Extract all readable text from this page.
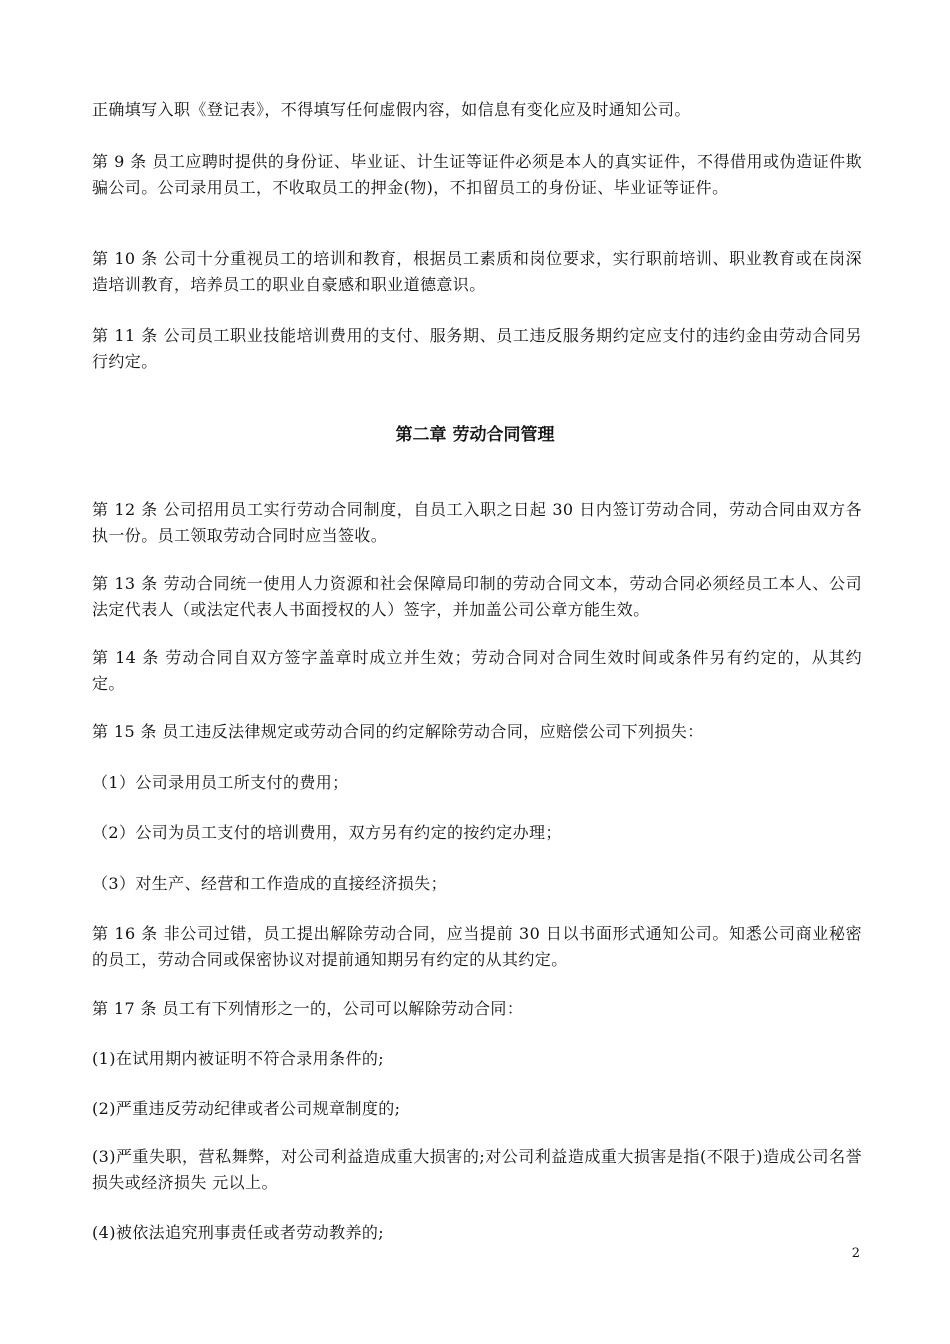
正确填写入职《登记表》，不得填写任何虚假内容，如信息有变化应及时通知公司。

第 9 条 员工应聘时提供的身份证、毕业证、计生证等证件必须是本人的真实证件，不得借用或伪造证件欺骗公司。公司录用员工，不收取员工的押金(物)，不扣留员工的身份证、毕业证等证件。

第 10 条 公司十分重视员工的培训和教育，根据员工素质和岗位要求，实行职前培训、职业教育或在岗深造培训教育，培养员工的职业自豪感和职业道德意识。

第 11 条 公司员工职业技能培训费用的支付、服务期、员工违反服务期约定应支付的违约金由劳动合同另行约定。

第二章 劳动合同管理

第 12 条 公司招用员工实行劳动合同制度，自员工入职之日起 30 日内签订劳动合同，劳动合同由双方各执一份。员工领取劳动合同时应当签收。

第 13 条 劳动合同统一使用人力资源和社会保障局印制的劳动合同文本，劳动合同必须经员工本人、公司法定代表人（或法定代表人书面授权的人）签字，并加盖公司公章方能生效。

第 14 条 劳动合同自双方签字盖章时成立并生效；劳动合同对合同生效时间或条件另有约定的，从其约定。

第 15 条 员工违反法律规定或劳动合同的约定解除劳动合同，应赔偿公司下列损失：

（1）公司录用员工所支付的费用；

（2）公司为员工支付的培训费用，双方另有约定的按约定办理；

（3）对生产、经营和工作造成的直接经济损失；

第 16 条 非公司过错，员工提出解除劳动合同，应当提前 30 日以书面形式通知公司。知悉公司商业秘密的员工，劳动合同或保密协议对提前通知期另有约定的从其约定。

第 17 条 员工有下列情形之一的，公司可以解除劳动合同：

(1)在试用期内被证明不符合录用条件的;

(2)严重违反劳动纪律或者公司规章制度的;

(3)严重失职，营私舞弊，对公司利益造成重大损害的;对公司利益造成重大损害是指(不限于)造成公司名誉损失或经济损失 元以上。

(4)被依法追究刑事责任或者劳动教养的;

2
